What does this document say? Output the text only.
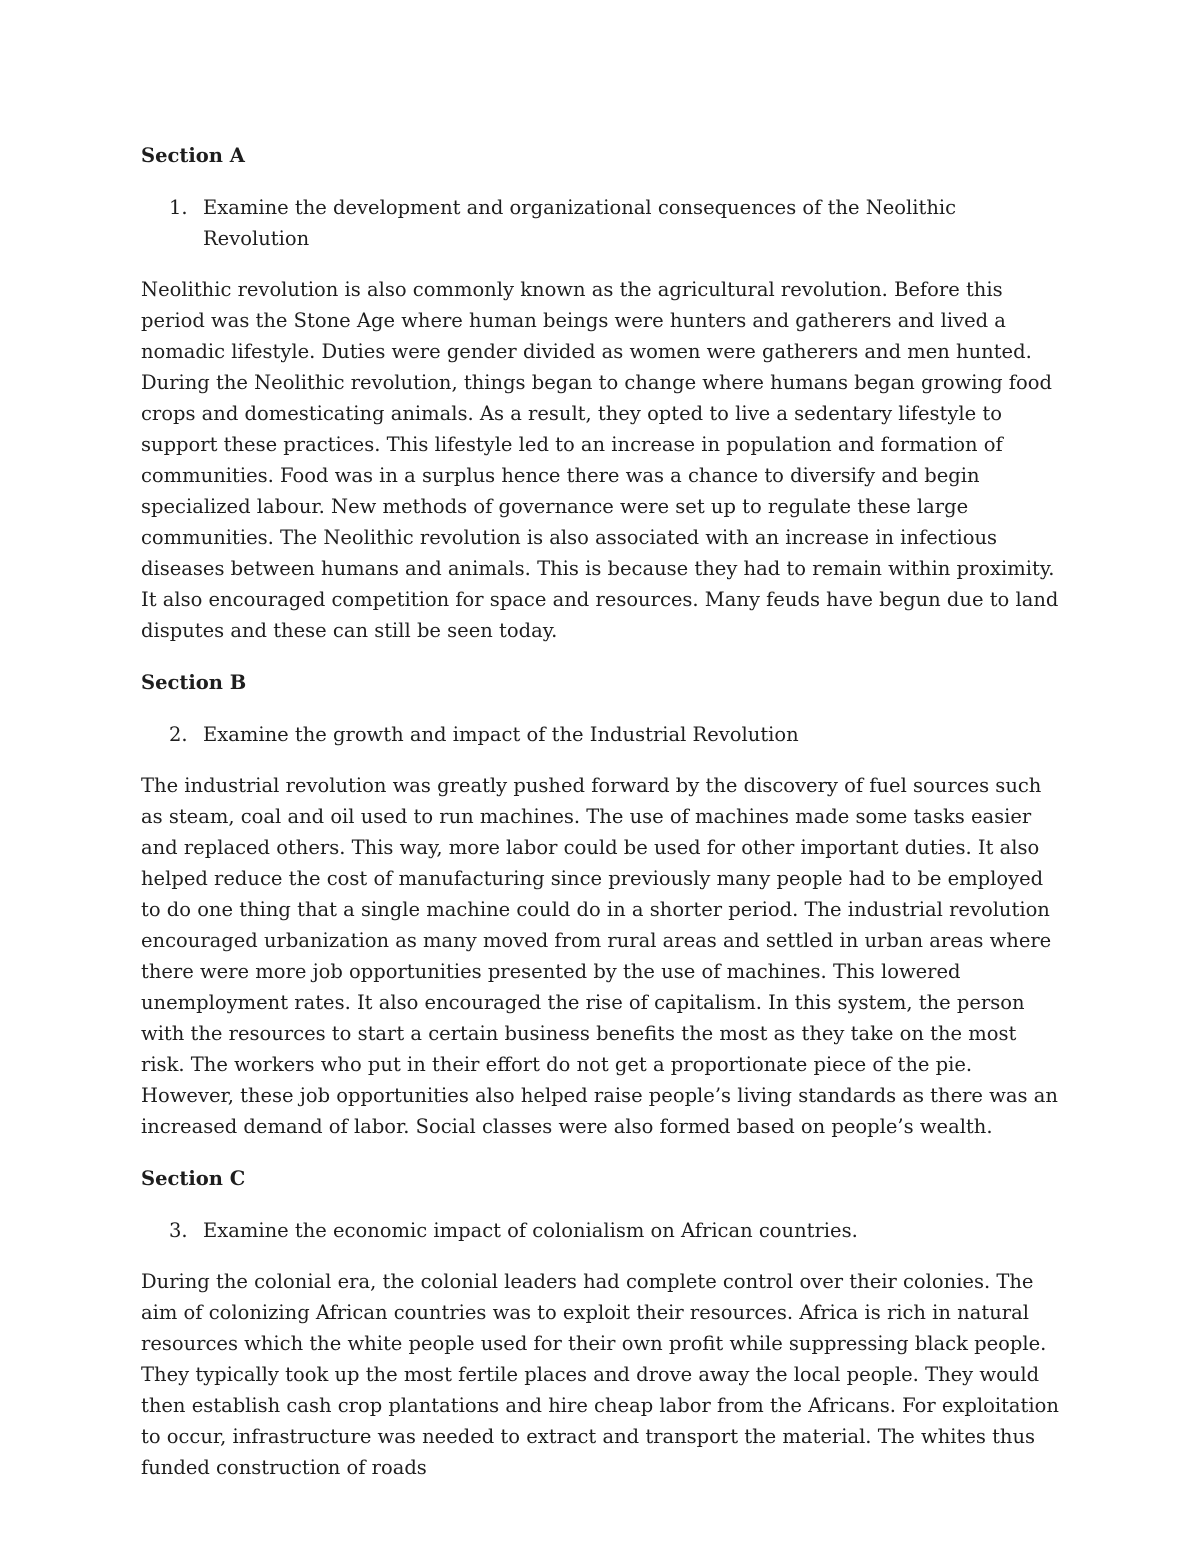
Section A
1. Examine the development and organizational consequences of the Neolithic Revolution

Neolithic revolution is also commonly known as the agricultural revolution. Before this period was the Stone Age where human beings were hunters and gatherers and lived a nomadic lifestyle. Duties were gender divided as women were gatherers and men hunted. During the Neolithic revolution, things began to change where humans began growing food crops and domesticating animals. As a result, they opted to live a sedentary lifestyle to support these practices. This lifestyle led to an increase in population and formation of communities. Food was in a surplus hence there was a chance to diversify and begin specialized labour. New methods of governance were set up to regulate these large communities. The Neolithic revolution is also associated with an increase in infectious diseases between humans and animals. This is because they had to remain within proximity. It also encouraged competition for space and resources. Many feuds have begun due to land disputes and these can still be seen today.

Section B
2. Examine the growth and impact of the Industrial Revolution

The industrial revolution was greatly pushed forward by the discovery of fuel sources such as steam, coal and oil used to run machines. The use of machines made some tasks easier and replaced others. This way, more labor could be used for other important duties. It also helped reduce the cost of manufacturing since previously many people had to be employed to do one thing that a single machine could do in a shorter period. The industrial revolution encouraged urbanization as many moved from rural areas and settled in urban areas where there were more job opportunities presented by the use of machines. This lowered unemployment rates. It also encouraged the rise of capitalism. In this system, the person with the resources to start a certain business benefits the most as they take on the most risk. The workers who put in their effort do not get a proportionate piece of the pie. However, these job opportunities also helped raise people’s living standards as there was an increased demand of labor. Social classes were also formed based on people’s wealth.

Section C
3. Examine the economic impact of colonialism on African countries.

During the colonial era, the colonial leaders had complete control over their colonies. The aim of colonizing African countries was to exploit their resources. Africa is rich in natural resources which the white people used for their own profit while suppressing black people. They typically took up the most fertile places and drove away the local people. They would then establish cash crop plantations and hire cheap labor from the Africans. For exploitation to occur, infrastructure was needed to extract and transport the material. The whites thus funded construction of roads
